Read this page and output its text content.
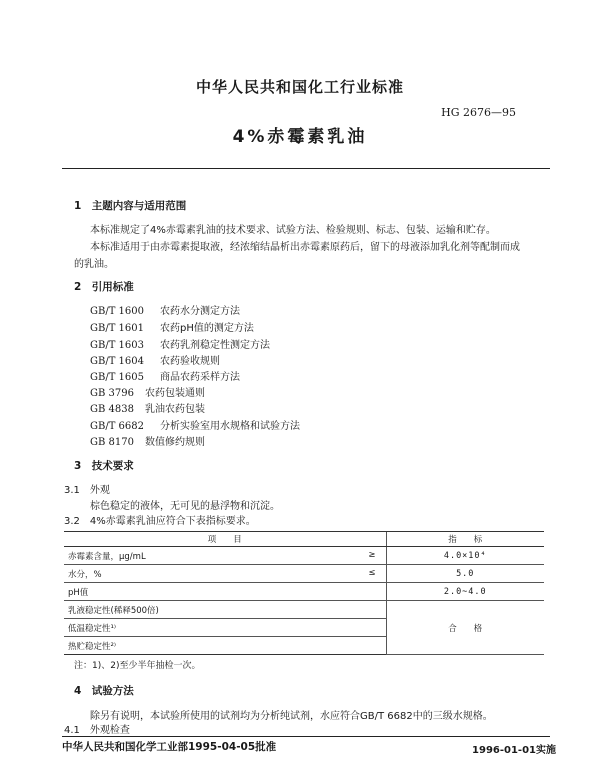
中华人民共和国化工行业标准
HG 2676—95
4%赤霉素乳油
1　主题内容与适用范围
本标准规定了4%赤霉素乳油的技术要求、试验方法、检验规则、标志、包装、运输和贮存。
本标准适用于由赤霉素提取液，经浓缩结晶析出赤霉素原药后，留下的母液添加乳化剂等配制而成
的乳油。
2　引用标准
GB/T 1600 农药水分测定方法
GB/T 1601 农药pH值的测定方法
GB/T 1603 农药乳剂稳定性测定方法
GB/T 1604 农药验收规则
GB/T 1605 商品农药采样方法
GB 3796 农药包装通则
GB 4838 乳油农药包装
GB/T 6682 分析实验室用水规格和试验方法
GB 8170 数值修约规则
3　技术要求
3.1　外观
棕色稳定的液体，无可见的悬浮物和沉淀。
3.2　4%赤霉素乳油应符合下表指标要求。
项　　目	指　　标
赤霉素含量，μg/mL ≥	4.0×10⁴
水分，% ≤	5.0
pH值	2.0~4.0
乳液稳定性(稀释500倍)	合　　格
低温稳定性¹⁾	
热贮稳定性²⁾	
注：1)、2)至少半年抽检一次。
4　试验方法
除另有说明，本试验所使用的试剂均为分析纯试剂，水应符合GB/T 6682中的三级水规格。
4.1　外观检查
中华人民共和国化学工业部1995-04-05批准	1996-01-01实施
